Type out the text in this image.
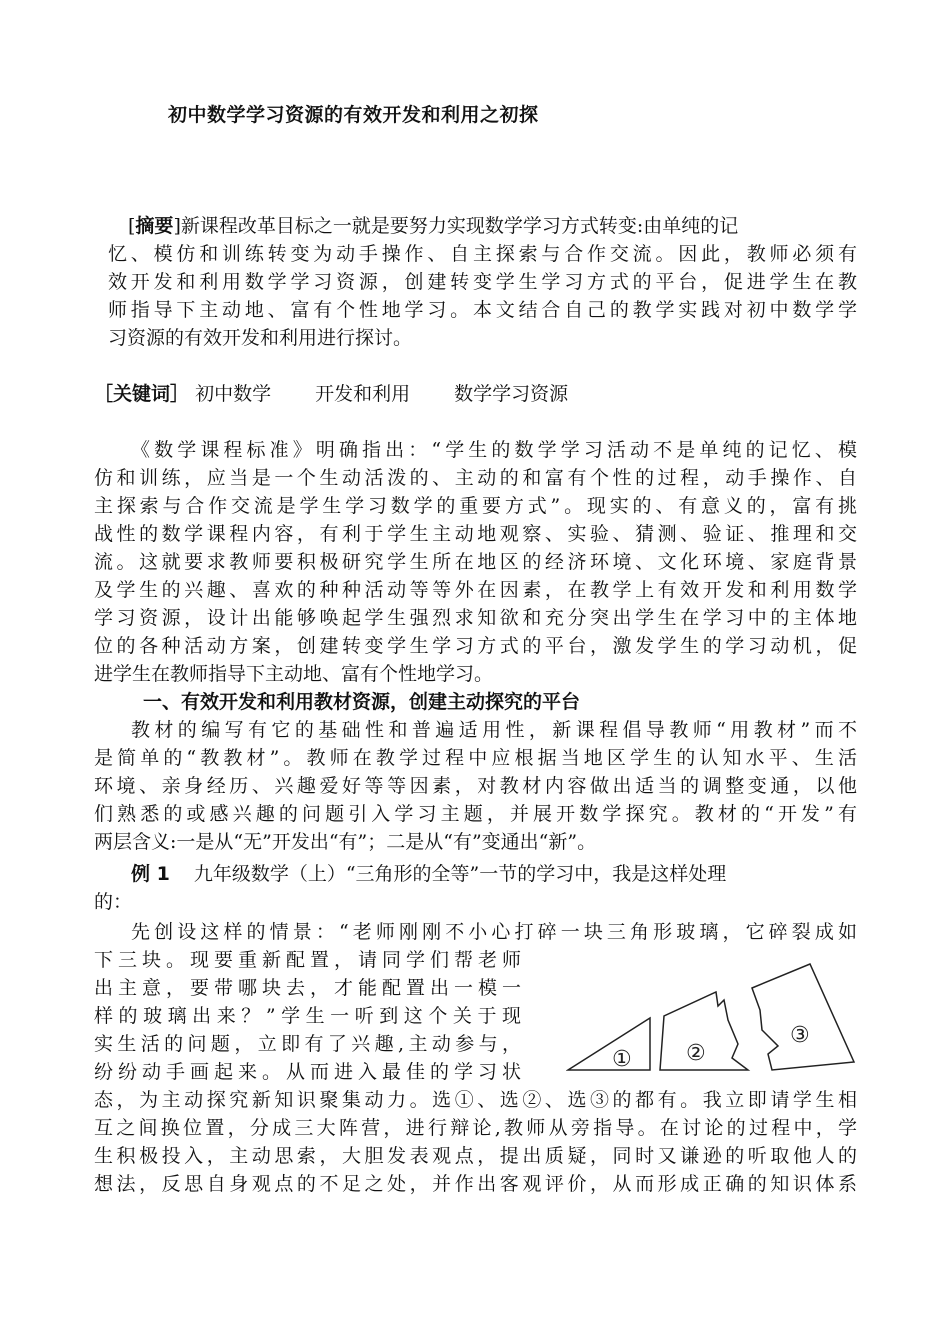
初中数学学习资源的有效开发和利用之初探
[摘要]新课程改革目标之一就是要努力实现数学学习方式转变:由单纯的记
忆、模仿和训练转变为动手操作、自主探索与合作交流。因此，教师必须有
效开发和利用数学学习资源，创建转变学生学习方式的平台，促进学生在教
师指导下主动地、富有个性地学习。本文结合自己的教学实践对初中数学学
习资源的有效开发和利用进行探讨。
［关键词］ 初中数学 开发和利用 数学学习资源
《数学课程标准》明确指出：“学生的数学学习活动不是单纯的记忆、模
仿和训练，应当是一个生动活泼的、主动的和富有个性的过程，动手操作、自
主探索与合作交流是学生学习数学的重要方式”。现实的、有意义的，富有挑
战性的数学课程内容，有利于学生主动地观察、实验、猜测、验证、推理和交
流。这就要求教师要积极研究学生所在地区的经济环境、文化环境、家庭背景
及学生的兴趣、喜欢的种种活动等等外在因素，在教学上有效开发和利用数学
学习资源，设计出能够唤起学生强烈求知欲和充分突出学生在学习中的主体地
位的各种活动方案，创建转变学生学习方式的平台，激发学生的学习动机，促
进学生在教师指导下主动地、富有个性地学习。
一、有效开发和利用教材资源，创建主动探究的平台
教材的编写有它的基础性和普遍适用性，新课程倡导教师“用教材”而不
是简单的“教教材”。教师在教学过程中应根据当地区学生的认知水平、生活
环境、亲身经历、兴趣爱好等等因素，对教材内容做出适当的调整变通，以他
们熟悉的或感兴趣的问题引入学习主题，并展开数学探究。教材的“开发”有
两层含义:一是从“无”开发出“有”；二是从“有”变通出“新”。
例 1 九年级数学（上）“三角形的全等”一节的学习中，我是这样处理
的：
先创设这样的情景：“老师刚刚不小心打碎一块三角形玻璃，它碎裂成如
下三块。现要重新配置，请同学们帮老师
出主意，要带哪块去，才能配置出一模一
样的玻璃出来？”学生一听到这个关于现
实生活的问题，立即有了兴趣,主动参与，
纷纷动手画起来。从而进入最佳的学习状
态，为主动探究新知识聚集动力。选①、选②、选③的都有。我立即请学生相
互之间换位置，分成三大阵营，进行辩论,教师从旁指导。在讨论的过程中，学
生积极投入，主动思索，大胆发表观点，提出质疑，同时又谦逊的听取他人的
想法，反思自身观点的不足之处，并作出客观评价，从而形成正确的知识体系
① ②
③
